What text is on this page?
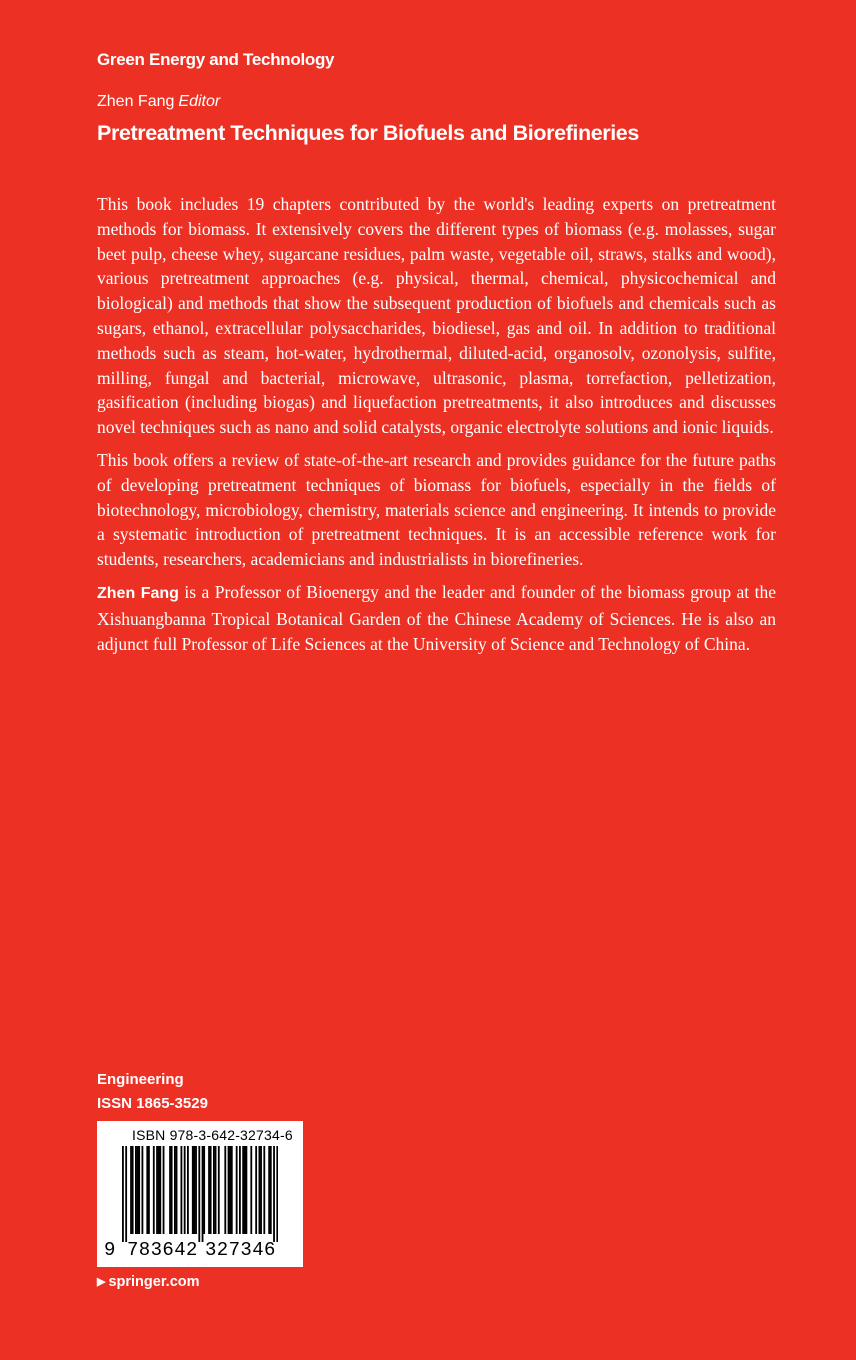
Green Energy and Technology
Zhen Fang Editor
Pretreatment Techniques for Biofuels and Biorefineries

This book includes 19 chapters contributed by the world's leading experts on pretreatment methods for biomass. It extensively covers the different types of biomass (e.g. molasses, sugar beet pulp, cheese whey, sugarcane residues, palm waste, vegetable oil, straws, stalks and wood), various pretreatment approaches (e.g. physical, thermal, chemical, physicochemical and biological) and methods that show the subsequent production of biofuels and chemicals such as sugars, ethanol, extracellular polysaccharides, biodiesel, gas and oil. In addition to traditional methods such as steam, hot-water, hydrothermal, diluted-acid, organosolv, ozonolysis, sulfite, milling, fungal and bacterial, microwave, ultrasonic, plasma, torrefaction, pelletization, gasification (including biogas) and liquefaction pretreatments, it also introduces and discusses novel techniques such as nano and solid catalysts, organic electrolyte solutions and ionic liquids.

This book offers a review of state-of-the-art research and provides guidance for the future paths of developing pretreatment techniques of biomass for biofuels, especially in the fields of biotechnology, microbiology, chemistry, materials science and engineering. It intends to provide a systematic introduction of pretreatment techniques. It is an accessible reference work for students, researchers, academicians and industrialists in biorefineries.

Zhen Fang is a Professor of Bioenergy and the leader and founder of the biomass group at the Xishuangbanna Tropical Botanical Garden of the Chinese Academy of Sciences. He is also an adjunct full Professor of Life Sciences at the University of Science and Technology of China.

Engineering
ISSN 1865-3529
ISBN 978-3-642-32734-6
9 783642 327346
▶ springer.com
